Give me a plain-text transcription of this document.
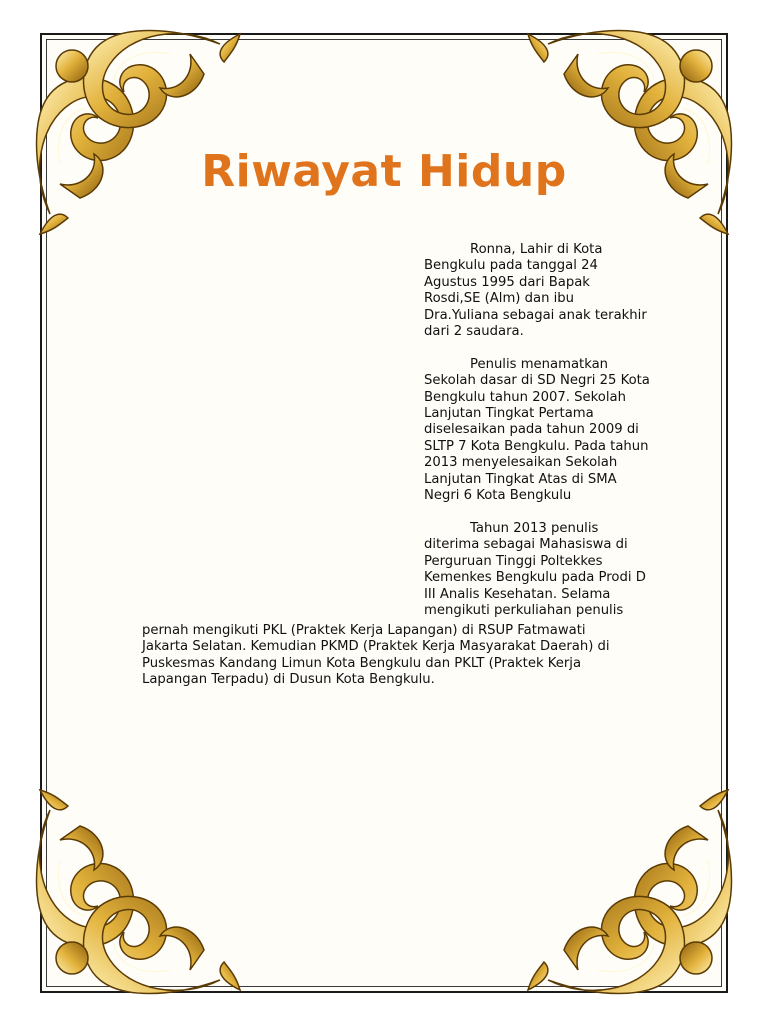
Riwayat Hidup

Ronna, Lahir di Kota
Bengkulu pada tanggal 24
Agustus 1995 dari Bapak
Rosdi,SE (Alm) dan ibu
Dra.Yuliana sebagai anak terakhir
dari 2 saudara.

Penulis menamatkan
Sekolah dasar di SD Negri 25 Kota
Bengkulu tahun 2007. Sekolah
Lanjutan Tingkat Pertama
diselesaikan pada tahun 2009 di
SLTP 7 Kota Bengkulu. Pada tahun
2013 menyelesaikan Sekolah
Lanjutan Tingkat Atas di SMA
Negri 6 Kota Bengkulu

Tahun 2013 penulis
diterima sebagai Mahasiswa di
Perguruan Tinggi Poltekkes
Kemenkes Bengkulu pada Prodi D
III Analis Kesehatan. Selama
mengikuti perkuliahan penulis

pernah mengikuti PKL (Praktek Kerja Lapangan) di RSUP Fatmawati
Jakarta Selatan. Kemudian PKMD (Praktek Kerja Masyarakat Daerah) di
Puskesmas Kandang Limun Kota Bengkulu dan PKLT (Praktek Kerja
Lapangan Terpadu) di Dusun Kota Bengkulu.
